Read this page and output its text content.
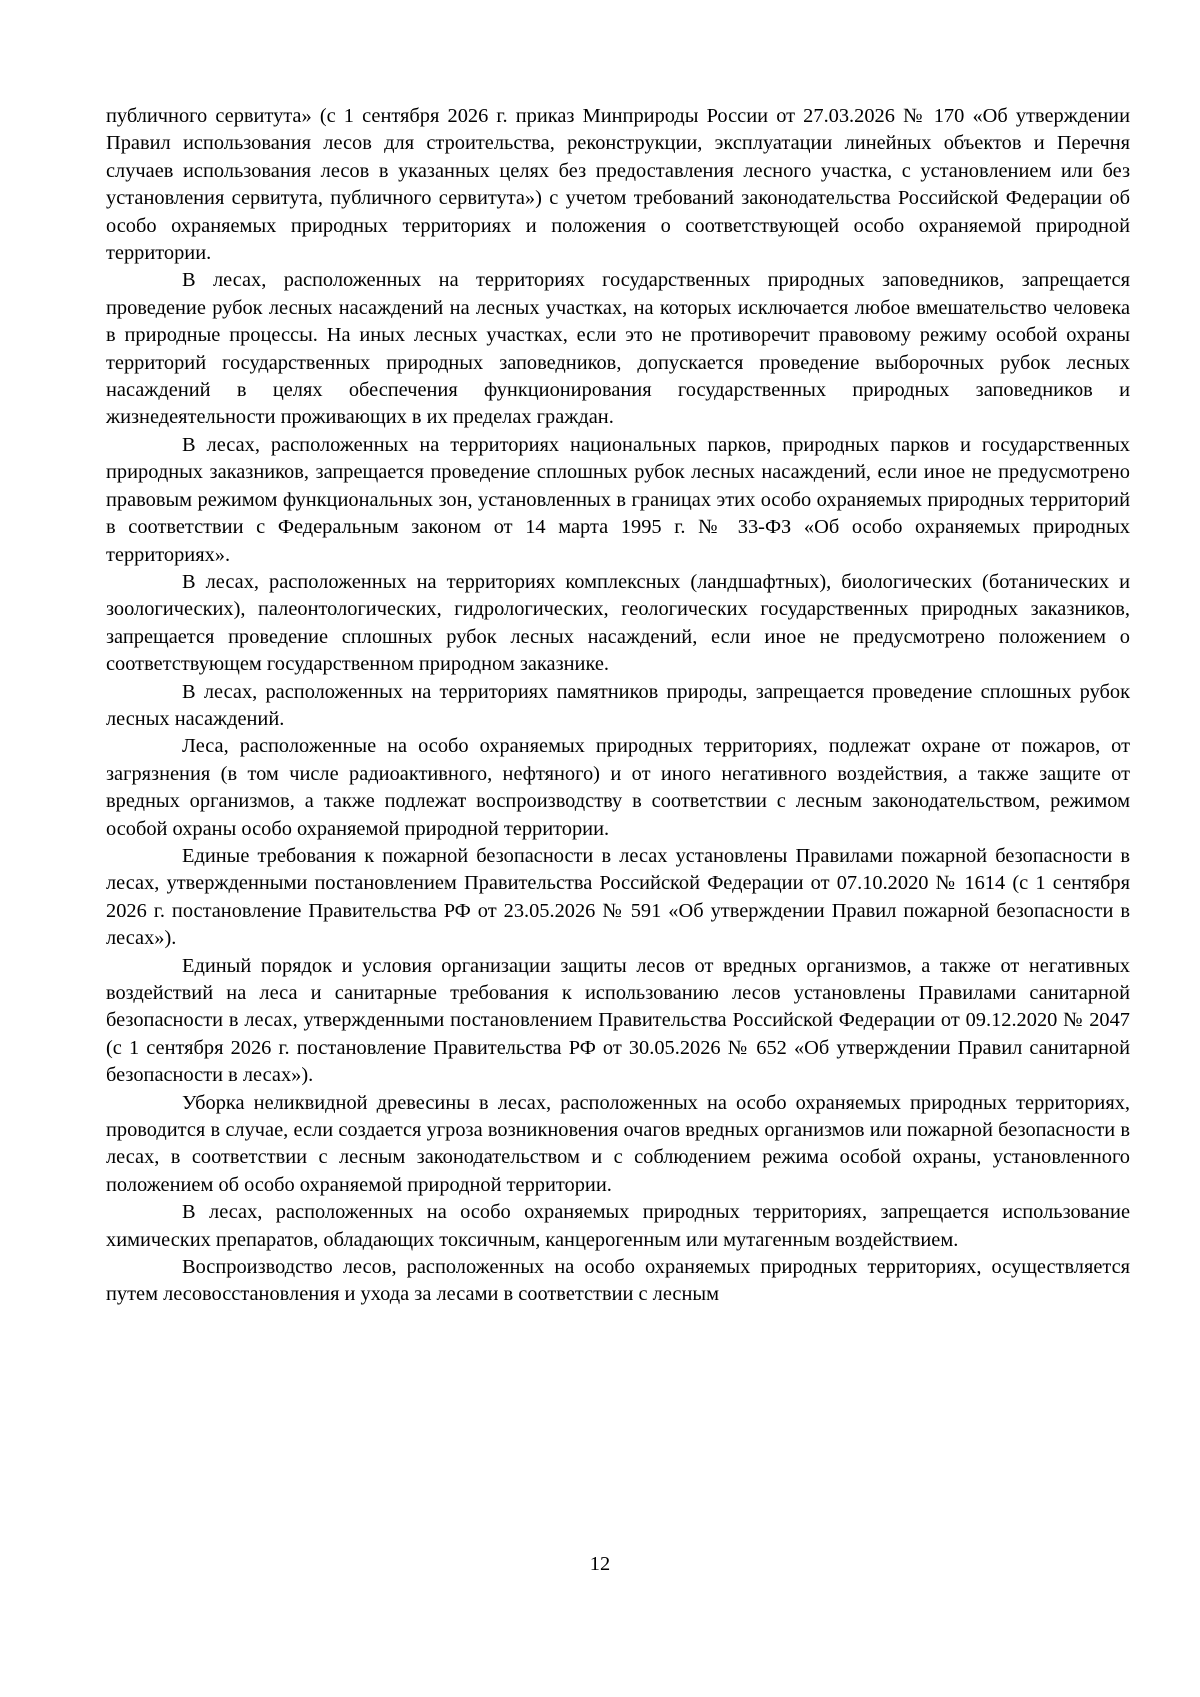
публичного сервитута» (с 1 сентября 2026 г. приказ Минприроды России от 27.03.2026 № 170 «Об утверждении Правил использования лесов для строительства, реконструкции, эксплуатации линейных объектов и Перечня случаев использования лесов в указанных целях без предоставления лесного участка, с установлением или без установления сервитута, публичного сервитута») с учетом требований законодательства Российской Федерации об особо охраняемых природных территориях и положения о соответствующей особо охраняемой природной территории.

В лесах, расположенных на территориях государственных природных заповедников, запрещается проведение рубок лесных насаждений на лесных участках, на которых исключается любое вмешательство человека в природные процессы. На иных лесных участках, если это не противоречит правовому режиму особой охраны территорий государственных природных заповедников, допускается проведение выборочных рубок лесных насаждений в целях обеспечения функционирования государственных природных заповедников и жизнедеятельности проживающих в их пределах граждан.

В лесах, расположенных на территориях национальных парков, природных парков и государственных природных заказников, запрещается проведение сплошных рубок лесных насаждений, если иное не предусмотрено правовым режимом функциональных зон, установленных в границах этих особо охраняемых природных территорий в соответствии с Федеральным законом от 14 марта 1995 г. № 33-ФЗ «Об особо охраняемых природных территориях».

В лесах, расположенных на территориях комплексных (ландшафтных), биологических (ботанических и зоологических), палеонтологических, гидрологических, геологических государственных природных заказников, запрещается проведение сплошных рубок лесных насаждений, если иное не предусмотрено положением о соответствующем государственном природном заказнике.

В лесах, расположенных на территориях памятников природы, запрещается проведение сплошных рубок лесных насаждений.

Леса, расположенные на особо охраняемых природных территориях, подлежат охране от пожаров, от загрязнения (в том числе радиоактивного, нефтяного) и от иного негативного воздействия, а также защите от вредных организмов, а также подлежат воспроизводству в соответствии с лесным законодательством, режимом особой охраны особо охраняемой природной территории.

Единые требования к пожарной безопасности в лесах установлены Правилами пожарной безопасности в лесах, утвержденными постановлением Правительства Российской Федерации от 07.10.2020 № 1614 (с 1 сентября 2026 г. постановление Правительства РФ от 23.05.2026 № 591 «Об утверждении Правил пожарной безопасности в лесах»).

Единый порядок и условия организации защиты лесов от вредных организмов, а также от негативных воздействий на леса и санитарные требования к использованию лесов установлены Правилами санитарной безопасности в лесах, утвержденными постановлением Правительства Российской Федерации от 09.12.2020 № 2047 (с 1 сентября 2026 г. постановление Правительства РФ от 30.05.2026 № 652 «Об утверждении Правил санитарной безопасности в лесах»).

Уборка неликвидной древесины в лесах, расположенных на особо охраняемых природных территориях, проводится в случае, если создается угроза возникновения очагов вредных организмов или пожарной безопасности в лесах, в соответствии с лесным законодательством и с соблюдением режима особой охраны, установленного положением об особо охраняемой природной территории.

В лесах, расположенных на особо охраняемых природных территориях, запрещается использование химических препаратов, обладающих токсичным, канцерогенным или мутагенным воздействием.

Воспроизводство лесов, расположенных на особо охраняемых природных территориях, осуществляется путем лесовосстановления и ухода за лесами в соответствии с лесным

12
